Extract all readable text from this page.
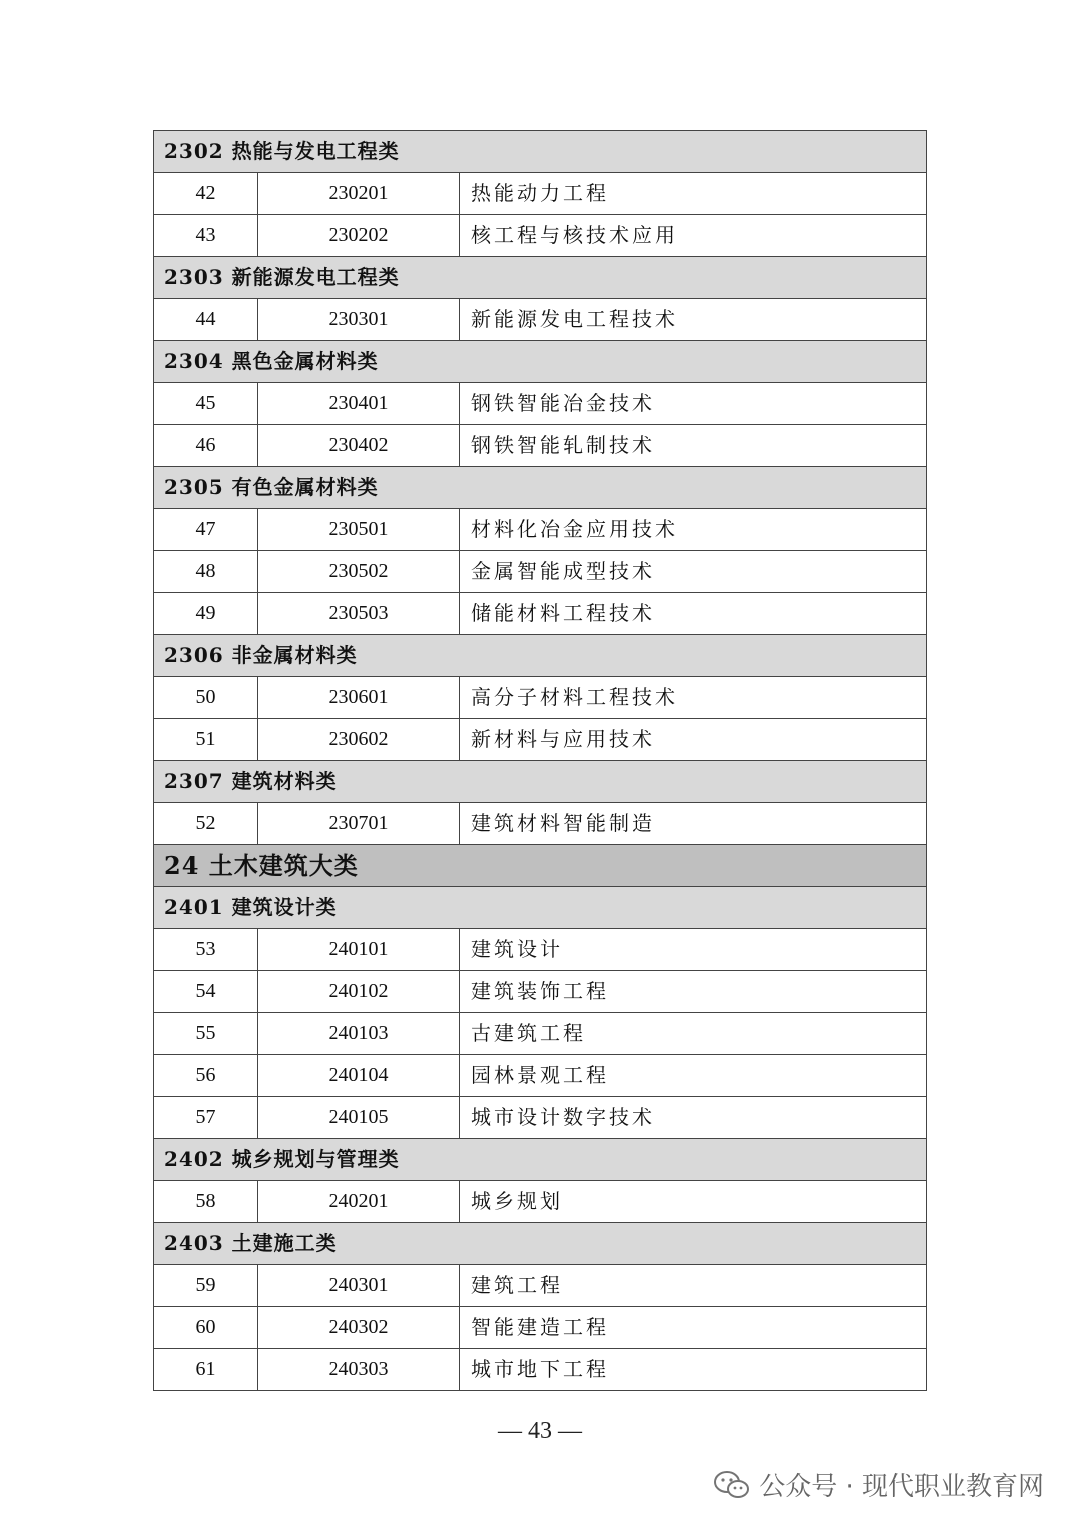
2302 热能与发电工程类		
42	230201	热能动力工程
43	230202	核工程与核技术应用
2303 新能源发电工程类		
44	230301	新能源发电工程技术
2304 黑色金属材料类		
45	230401	钢铁智能冶金技术
46	230402	钢铁智能轧制技术
2305 有色金属材料类		
47	230501	材料化冶金应用技术
48	230502	金属智能成型技术
49	230503	储能材料工程技术
2306 非金属材料类		
50	230601	高分子材料工程技术
51	230602	新材料与应用技术
2307 建筑材料类		
52	230701	建筑材料智能制造
24 土木建筑大类		
2401 建筑设计类		
53	240101	建筑设计
54	240102	建筑装饰工程
55	240103	古建筑工程
56	240104	园林景观工程
57	240105	城市设计数字技术
2402 城乡规划与管理类		
58	240201	城乡规划
2403 土建施工类		
59	240301	建筑工程
60	240302	智能建造工程
61	240303	城市地下工程
— 43 —
公众号 · 现代职业教育网
